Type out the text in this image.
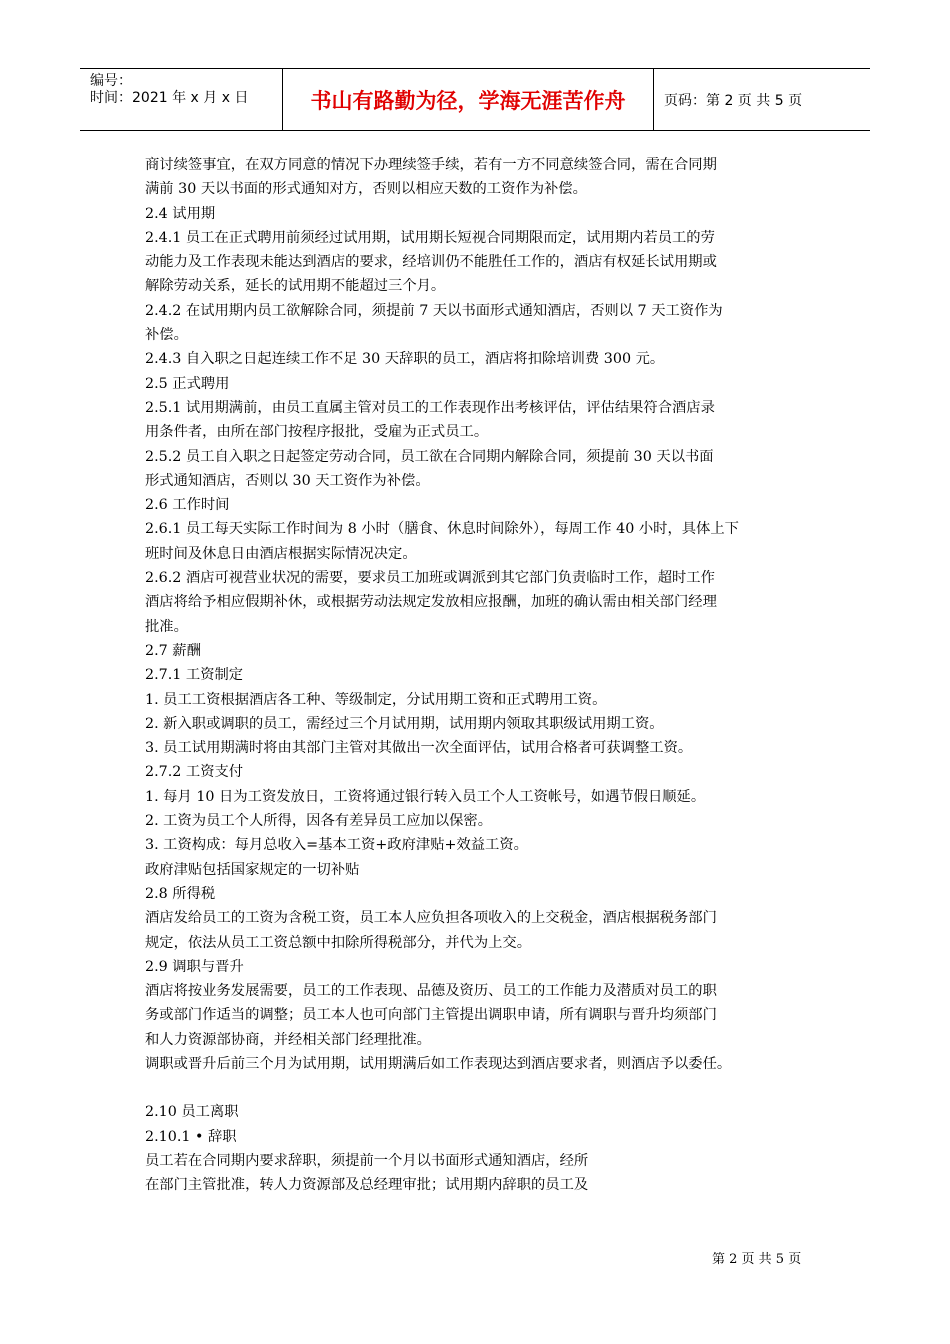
编号：
时间：2021 年 x 月 x 日	书山有路勤为径，学海无涯苦作舟	页码：第 2 页 共 5 页

商讨续签事宜，在双方同意的情况下办理续签手续，若有一方不同意续签合同，需在合同期

满前 30 天以书面的形式通知对方，否则以相应天数的工资作为补偿。

2.4 试用期

2.4.1 员工在正式聘用前须经过试用期，试用期长短视合同期限而定，试用期内若员工的劳

动能力及工作表现未能达到酒店的要求，经培训仍不能胜任工作的，酒店有权延长试用期或

解除劳动关系，延长的试用期不能超过三个月。

2.4.2 在试用期内员工欲解除合同，须提前 7 天以书面形式通知酒店，否则以 7 天工资作为

补偿。

2.4.3 自入职之日起连续工作不足 30 天辞职的员工，酒店将扣除培训费 300 元。

2.5 正式聘用

2.5.1 试用期满前，由员工直属主管对员工的工作表现作出考核评估，评估结果符合酒店录

用条件者，由所在部门按程序报批，受雇为正式员工。

2.5.2 员工自入职之日起签定劳动合同，员工欲在合同期内解除合同，须提前 30 天以书面

形式通知酒店，否则以 30 天工资作为补偿。

2.6 工作时间

2.6.1 员工每天实际工作时间为 8 小时（膳食、休息时间除外），每周工作 40 小时，具体上下

班时间及休息日由酒店根据实际情况决定。

2.6.2 酒店可视营业状况的需要，要求员工加班或调派到其它部门负责临时工作，超时工作

酒店将给予相应假期补休，或根据劳动法规定发放相应报酬，加班的确认需由相关部门经理

批准。

2.7 薪酬

2.7.1 工资制定

1. 员工工资根据酒店各工种、等级制定，分试用期工资和正式聘用工资。

2. 新入职或调职的员工，需经过三个月试用期，试用期内领取其职级试用期工资。

3. 员工试用期满时将由其部门主管对其做出一次全面评估，试用合格者可获调整工资。

2.7.2 工资支付

1. 每月 10 日为工资发放日，工资将通过银行转入员工个人工资帐号，如遇节假日顺延。

2. 工资为员工个人所得，因各有差异员工应加以保密。

3. 工资构成：每月总收入=基本工资+政府津贴+效益工资。

政府津贴包括国家规定的一切补贴

2.8 所得税

酒店发给员工的工资为含税工资，员工本人应负担各项收入的上交税金，酒店根据税务部门

规定，依法从员工工资总额中扣除所得税部分，并代为上交。

2.9 调职与晋升

酒店将按业务发展需要，员工的工作表现、品德及资历、员工的工作能力及潜质对员工的职

务或部门作适当的调整；员工本人也可向部门主管提出调职申请，所有调职与晋升均须部门

和人力资源部协商，并经相关部门经理批准。

调职或晋升后前三个月为试用期，试用期满后如工作表现达到酒店要求者，则酒店予以委任。

2.10 员工离职

2.10.1 • 辞职

员工若在合同期内要求辞职，须提前一个月以书面形式通知酒店，经所

在部门主管批准，转人力资源部及总经理审批；试用期内辞职的员工及

第 2 页 共 5 页
